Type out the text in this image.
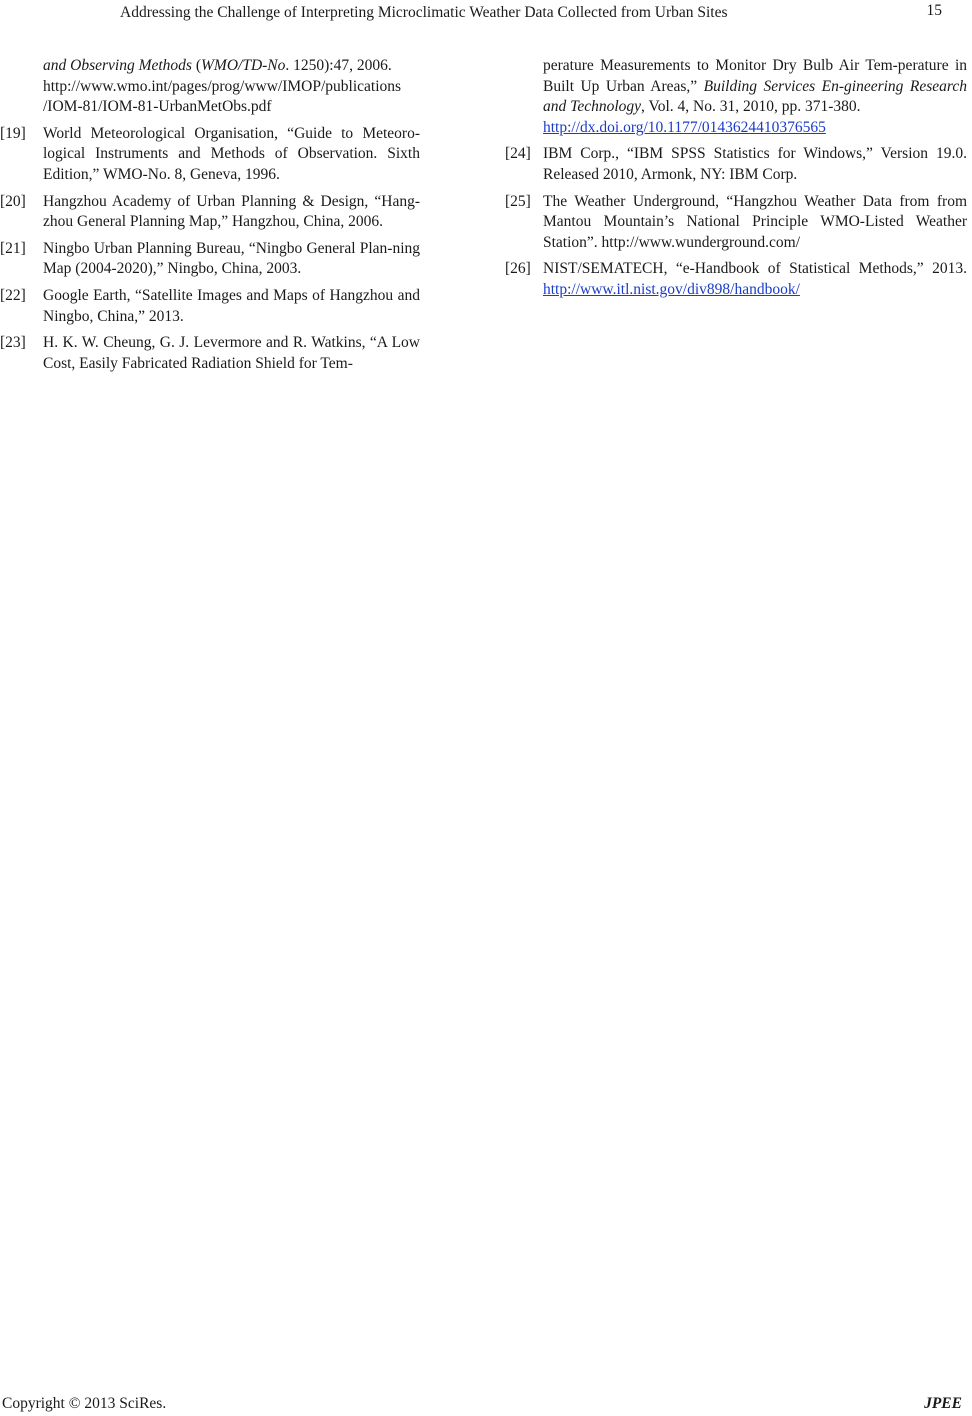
Addressing the Challenge of Interpreting Microclimatic Weather Data Collected from Urban Sites	15
and Observing Methods (WMO/TD-No. 1250):47, 2006.
http://www.wmo.int/pages/prog/www/IMOP/publications
/IOM-81/IOM-81-UrbanMetObs.pdf
[19]	World Meteorological Organisation, “Guide to Meteoro-logical Instruments and Methods of Observation. Sixth Edition,” WMO-No. 8, Geneva, 1996.
[20]	Hangzhou Academy of Urban Planning & Design, “Hang-zhou General Planning Map,” Hangzhou, China, 2006.
[21]	Ningbo Urban Planning Bureau, “Ningbo General Plan-ning Map (2004-2020),” Ningbo, China, 2003.
[22]	Google Earth, “Satellite Images and Maps of Hangzhou and Ningbo, China,” 2013.
[23]	H. K. W. Cheung, G. J. Levermore and R. Watkins, “A Low Cost, Easily Fabricated Radiation Shield for Tem-
perature Measurements to Monitor Dry Bulb Air Tem-perature in Built Up Urban Areas,” Building Services En-gineering Research and Technology, Vol. 4, No. 31, 2010, pp. 371-380.
http://dx.doi.org/10.1177/0143624410376565
[24] IBM Corp., “IBM SPSS Statistics for Windows,” Version 19.0. Released 2010, Armonk, NY: IBM Corp.
[25] The Weather Underground, “Hangzhou Weather Data from from Mantou Mountain’s National Principle WMO-Listed Weather Station”. http://www.wunderground.com/
[26] NIST/SEMATECH, “e-Handbook of Statistical Methods,” 2013. http://www.itl.nist.gov/div898/handbook/
Copyright © 2013 SciRes.	JPEE
